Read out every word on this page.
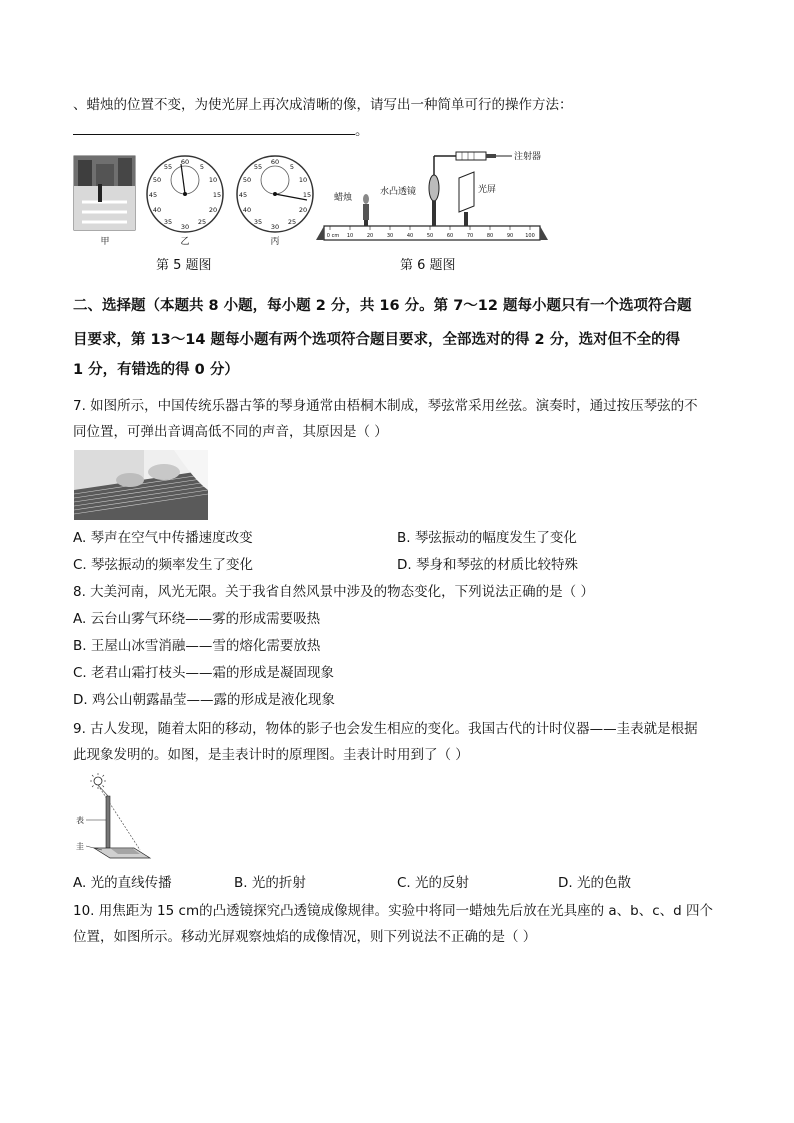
、蜡烛的位置不变，为使光屏上再次成清晰的像，请写出一种简单可行的操作方法：
。
60
55	5
50	10
45	15
40	20
35
30
25
60
55	5
50	10
45	15
40	20
35
30
25
甲	乙	丙
第 5 题图
0 cm 10	20	30	40	50	60	70	80	90 100
蜡烛
水凸透镜	光屏
注射器
第 6 题图
二、选择题（本题共 8 小题，每小题 2 分，共 16 分。第 7～12 题每小题只有一个选项符合题
目要求，第 13～14 题每小题有两个选项符合题目要求，全部选对的得 2 分，选对但不全的得
1 分，有错选的得 0 分）
7. 如图所示，中国传统乐器古筝的琴身通常由梧桐木制成，琴弦常采用丝弦。演奏时，通过按压琴弦的不
同位置，可弹出音调高低不同的声音，其原因是（ ）
A. 琴声在空气中传播速度改变	B. 琴弦振动的幅度发生了变化
C. 琴弦振动的频率发生了变化	D. 琴身和琴弦的材质比较特殊
8. 大美河南，风光无限。关于我省自然风景中涉及的物态变化，下列说法正确的是（ ）
A. 云台山雾气环绕——雾的形成需要吸热
B. 王屋山冰雪消融——雪的熔化需要放热
C. 老君山霜打枝头——霜的形成是凝固现象
D. 鸡公山朝露晶莹——露的形成是液化现象
9. 古人发现，随着太阳的移动，物体的影子也会发生相应的变化。我国古代的计时仪器——圭表就是根据
此现象发明的。如图，是圭表计时的原理图。圭表计时用到了（ ）
表
圭
A. 光的直线传播	B. 光的折射	C. 光的反射	D. 光的色散
10. 用焦距为 15 cm的凸透镜探究凸透镜成像规律。实验中将同一蜡烛先后放在光具座的 a、b、c、d 四个
位置，如图所示。移动光屏观察烛焰的成像情况，则下列说法不正确的是（ ）
